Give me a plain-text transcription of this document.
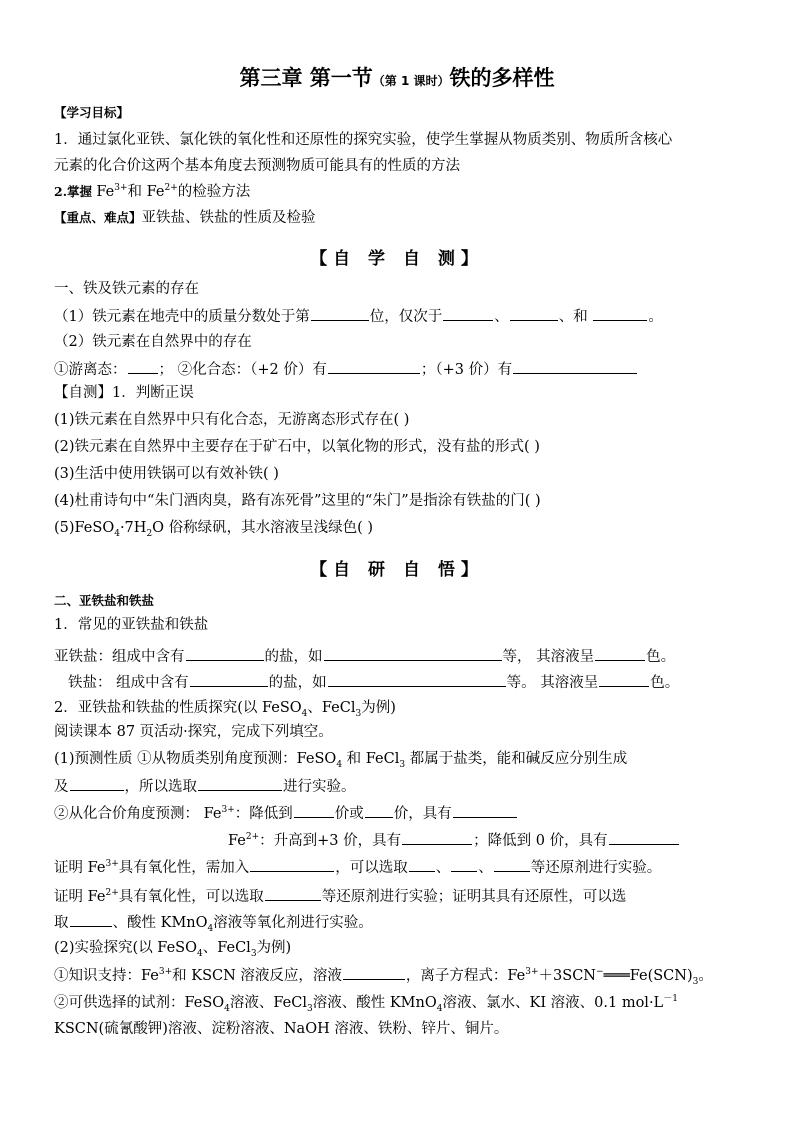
第三章 第一节（第 1 课时）铁的多样性
【学习目标】
1．通过氯化亚铁、氯化铁的氧化性和还原性的探究实验，使学生掌握从物质类别、物质所含核心
元素的化合价这两个基本角度去预测物质可能具有的性质的方法
2.掌握 $Fe^{3+}$和 $Fe^{2+}$的检验方法
【重点、难点】亚铁盐、铁盐的性质及检验
【自 学 自 测】
一、铁及铁元素的存在
（1）铁元素在地壳中的质量分数处于第	位，仅次于	、	、和	。
（2）铁元素在自然界中的存在
①游离态： ； ②化合态：（+2 价）有	；（+3 价）有
【自测】1．判断正误
(1)铁元素在自然界中只有化合态，无游离态形式存在( )
(2)铁元素在自然界中主要存在于矿石中，以氧化物的形式，没有盐的形式( )
(3)生活中使用铁锅可以有效补铁( )
(4)杜甫诗句中“朱门酒肉臭，路有冻死骨”这里的“朱门”是指涂有铁盐的门( )
$(5)FeSO_4\cdot 7H_2O$ 俗称绿矾，其水溶液呈浅绿色( )
【自 研 自 悟】
二、亚铁盐和铁盐
1．常见的亚铁盐和铁盐
亚铁盐：组成中含有	的盐，如	等， 其溶液呈	色。
铁盐： 组成中含有	的盐，如	等。 其溶液呈	色。
2．亚铁盐和铁盐的性质探究(以 FeSO$_4$、FeCl$_3$为例)
阅读课本 87 页活动·探究，完成下列填空。
(1)预测性质 ①从物质类别角度预测：FeSO$_4$ 和 FeCl$_3$ 都属于盐类，能和碱反应分别生成
及	，所以选取	进行实验。
②从化合价角度预测： $Fe^{3+}$：降低到	价或 价，具有
$Fe^{2+}$：升高到+3 价，具有	；降低到 0 价，具有
证明 $Fe^{3+}$具有氧化性，需加入	，可以选取 、 、	等还原剂进行实验。
证明 $Fe^{2+}$具有氧化性，可以选取	等还原剂进行实验；证明其具有还原性，可以选
取	、酸性 KMnO$_4$溶液等氧化剂进行实验。
(2)实验探究(以 FeSO$_4$、FeCl$_3$为例)
①知识支持：$Fe^{3+}$和 KSCN 溶液反应，溶液	，离子方程式：$Fe^{3+}+3SCN^-═══Fe(SCN)_3$。
②可供选择的试剂：FeSO$_4$溶液、FeCl$_3$溶液、酸性 KMnO$_4$溶液、氯水、KI 溶液、0.1 $mol\cdot L^{-1}$
KSCN(硫氰酸钾)溶液、淀粉溶液、NaOH 溶液、铁粉、锌片、铜片。
